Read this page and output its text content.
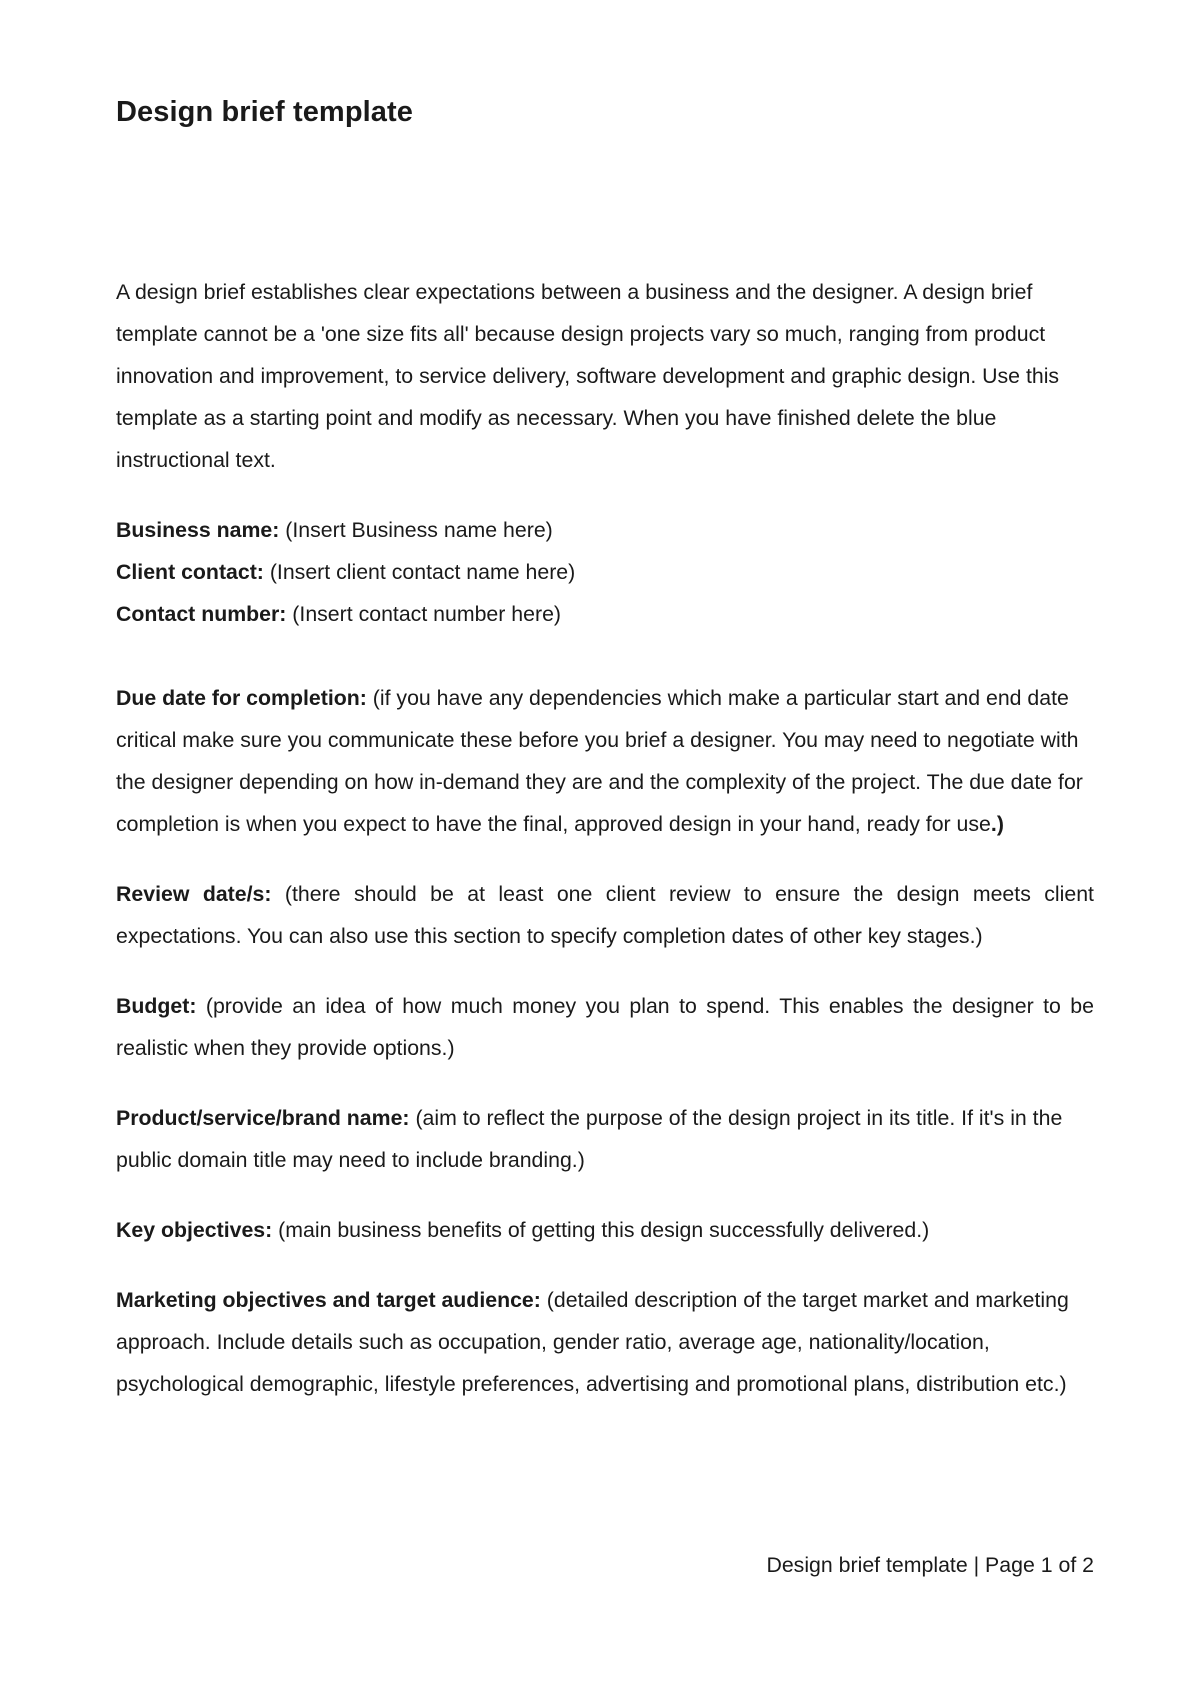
Design brief template

A design brief establishes clear expectations between a business and the designer. A design brief template cannot be a 'one size fits all' because design projects vary so much, ranging from product innovation and improvement, to service delivery, software development and graphic design. Use this template as a starting point and modify as necessary. When you have finished delete the blue instructional text.

Business name: (Insert Business name here)

Client contact: (Insert client contact name here)

Contact number: (Insert contact number here)

Due date for completion: (if you have any dependencies which make a particular start and end date critical make sure you communicate these before you brief a designer. You may need to negotiate with the designer depending on how in-demand they are and the complexity of the project. The due date for completion is when you expect to have the final, approved design in your hand, ready for use.)

Review date/s: (there should be at least one client review to ensure the design meets client expectations. You can also use this section to specify completion dates of other key stages.)

Budget: (provide an idea of how much money you plan to spend. This enables the designer to be realistic when they provide options.)

Product/service/brand name: (aim to reflect the purpose of the design project in its title. If it's in the public domain title may need to include branding.)

Key objectives: (main business benefits of getting this design successfully delivered.)

Marketing objectives and target audience: (detailed description of the target market and marketing approach. Include details such as occupation, gender ratio, average age, nationality/location, psychological demographic, lifestyle preferences, advertising and promotional plans, distribution etc.)

Design brief template | Page 1 of 2
